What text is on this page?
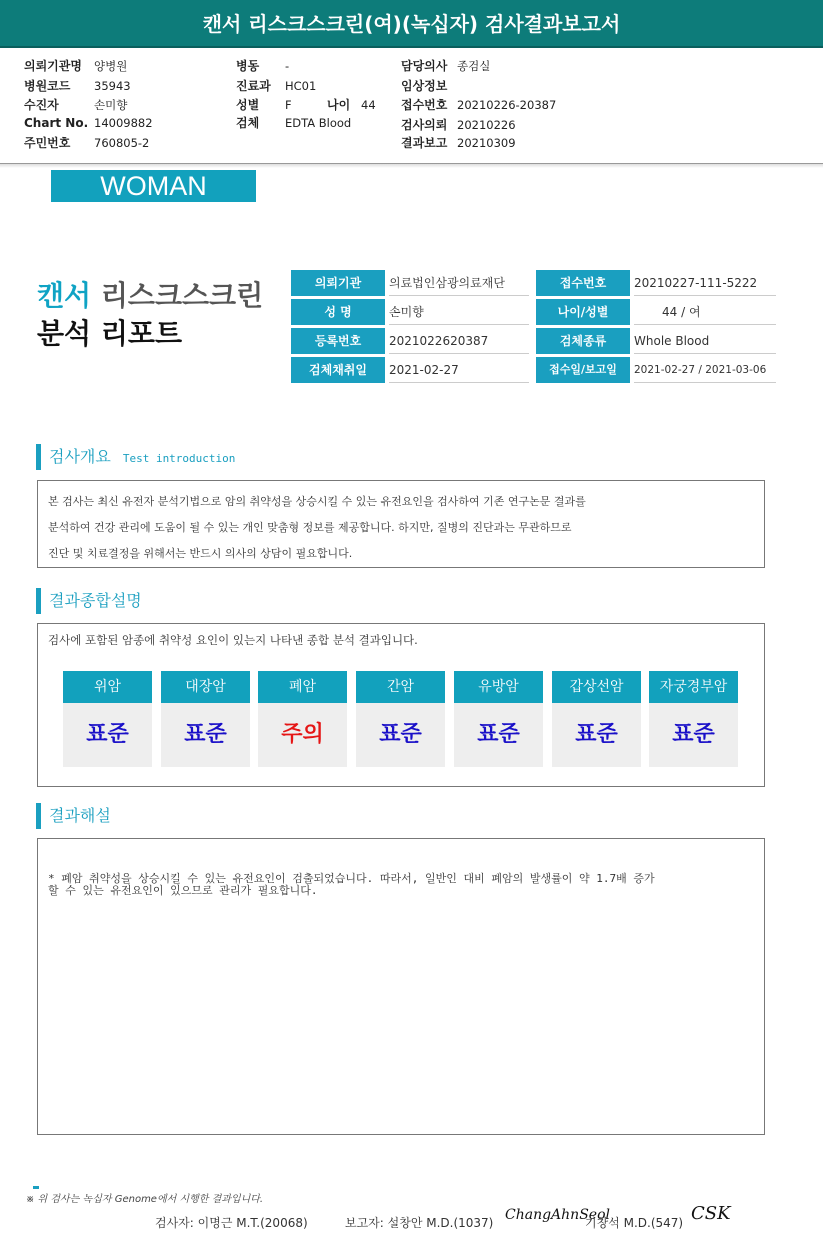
캔서 리스크스크린(여)(녹십자) 검사결과보고서
의뢰기관명 양병원
병원코드 35943
수진자	손미향
Chart No. 14009882
주민번호 760805-2
병동 -
진료과 HC01
성별 F	나이 44
검체 EDTA Blood
담당의사 종검실
임상정보
접수번호 20210226-20387
검사의뢰 20210226
결과보고 20210309
WOMAN
캔서 리스크스크린
분석 리포트
의뢰기관	의료법인삼광의료재단	접수번호	20210227-111-5222
성 명	손미향	나이/성별	44 / 여
등록번호	2021022620387	검체종류	Whole Blood
검체채취일	2021-02-27	접수일/보고일	2021-02-27 / 2021-03-06
검사개요 Test introduction
본 검사는 최신 유전자 분석기법으로 암의 취약성을 상승시킬 수 있는 유전요인을 검사하여 기존 연구논문 결과를
분석하여 건강 관리에 도움이 될 수 있는 개인 맞춤형 정보를 제공합니다. 하지만, 질병의 진단과는 무관하므로
진단 및 치료결정을 위해서는 반드시 의사의 상담이 필요합니다.
결과종합설명
검사에 포함된 암종에 취약성 요인이 있는지 나타낸 종합 분석 결과입니다.
위암
표준
대장암
표준
폐암
주의
간암
표준
유방암
표준
갑상선암
표준
자궁경부암
표준
결과해설
* 폐암 취약성을 상승시킬 수 있는 유전요인이 검출되었습니다. 따라서, 일반인 대비 폐암의 발생률이 약 1.7배 증가
할 수 있는 유전요인이 있으므로 관리가 필요합니다.
※ 위 검사는 녹십자 Genome에서 시행한 결과입니다.
검사자: 이명근 M.T.(20068)	보고자: 설창안 M.D.(1037) ChangAhnSeol
기창석 M.D.(547) CSK
